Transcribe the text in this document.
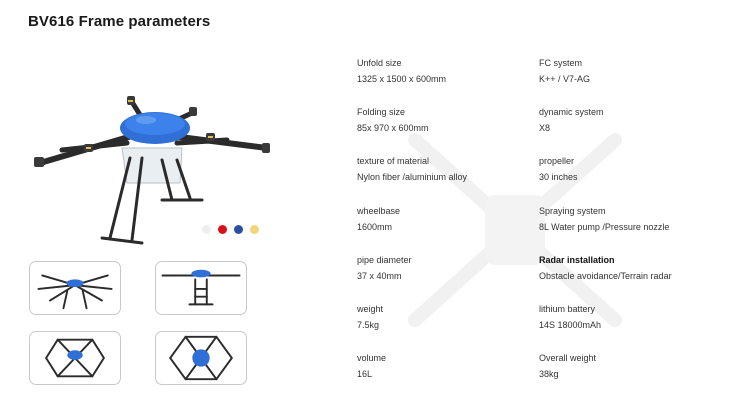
BV616 Frame parameters
Unfold size
1325 x 1500 x 600mm
Folding size
85x 970 x 600mm
texture of material
Nylon fiber /aluminium alloy
wheelbase
1600mm
pipe diameter
37 x 40mm
weight
7.5kg
volume
16L
FC system
K++ / V7-AG
dynamic system
X8
propeller
30 inches
Spraying system
8L Water pump /Pressure nozzle
Radar installation
Obstacle avoidance/Terrain radar
lithium battery
14S 18000mAh
Overall weight
38kg
